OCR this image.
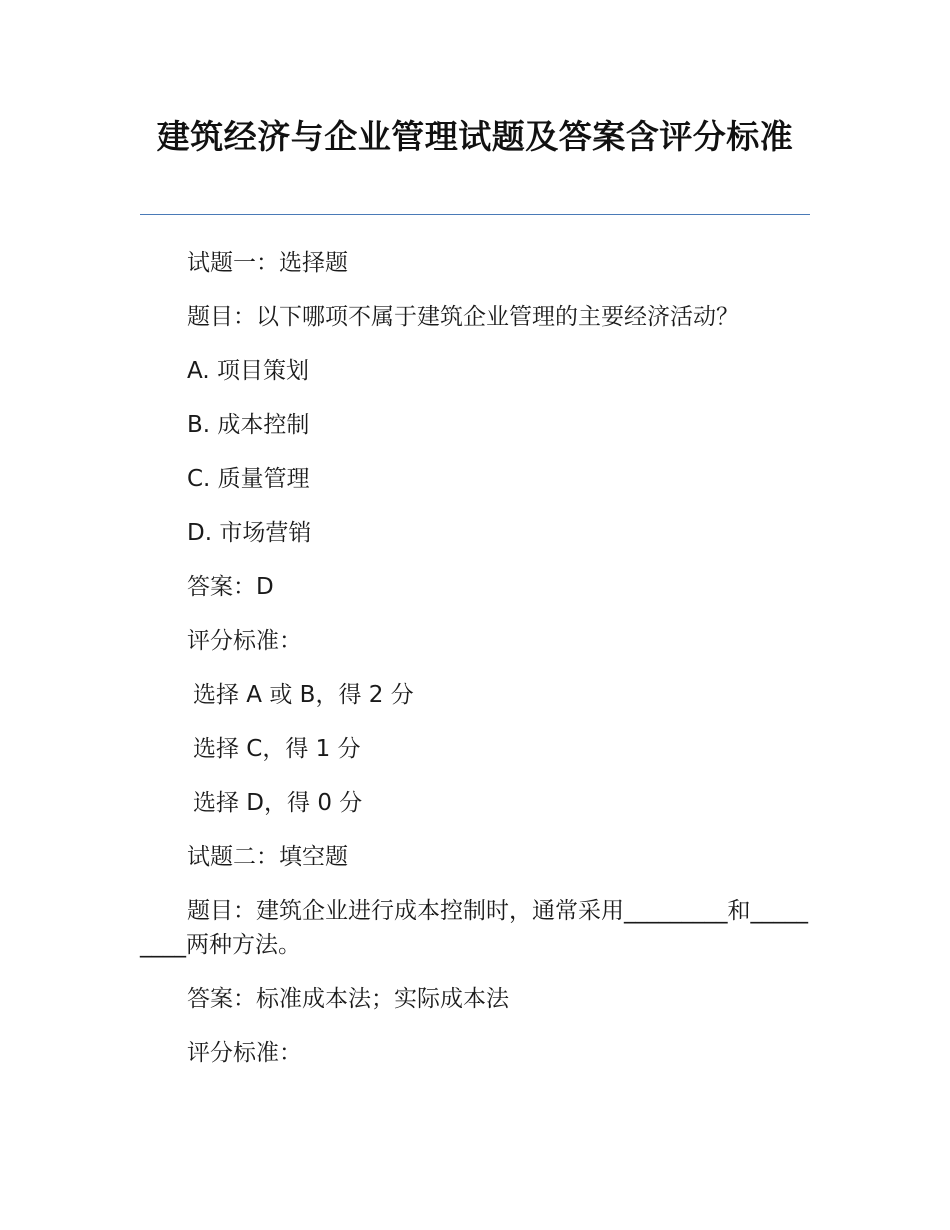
建筑经济与企业管理试题及答案含评分标准
试题一：选择题
题目：以下哪项不属于建筑企业管理的主要经济活动？
A. 项目策划
B. 成本控制
C. 质量管理
D. 市场营销
答案：D
评分标准：
选择 A 或 B，得 2 分
选择 C，得 1 分
选择 D，得 0 分
试题二：填空题
题目：建筑企业进行成本控制时，通常采用_________和_________两种方法。
答案：标准成本法；实际成本法
评分标准：
